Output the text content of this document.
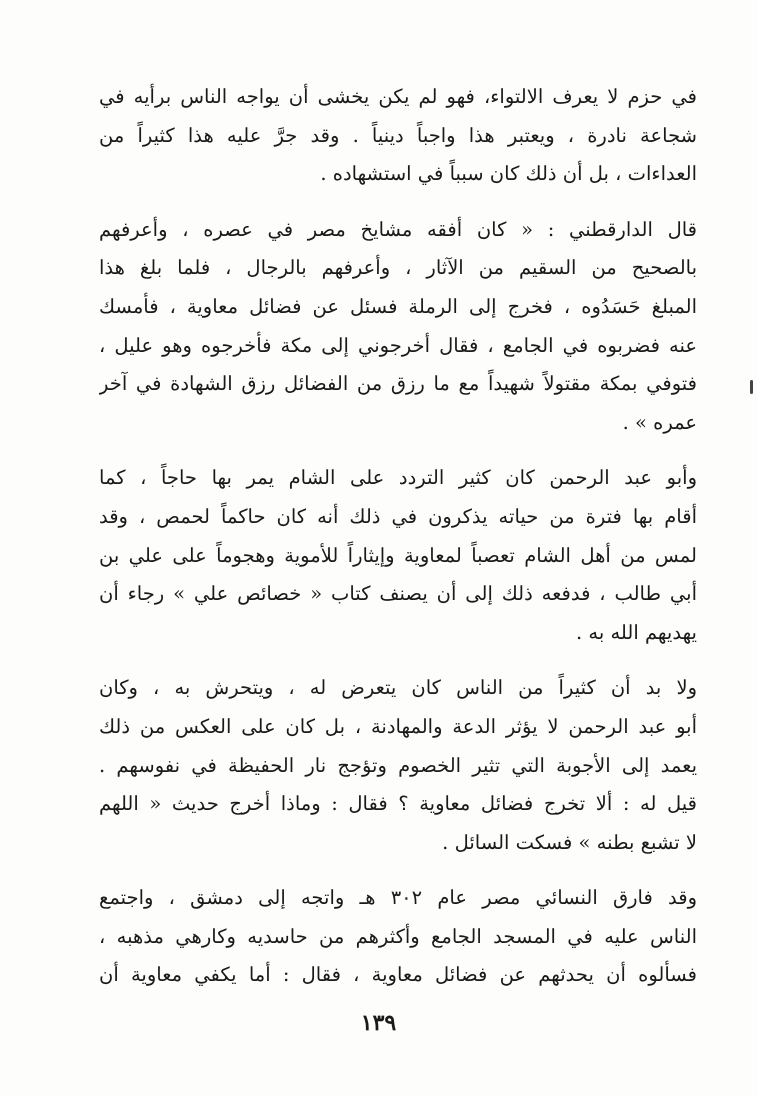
في حزم لا يعرف الالتواء، فهو لم يكن يخشى أن يواجه الناس برأيه في
شجاعة نادرة ، ويعتبر هذا واجباً دينياً . وقد جرَّ عليه هذا كثيراً من
العداءات ، بل أن ذلك كان سبباً في استشهاده .
قال الدارقطني : « كان أفقه مشايخ مصر في عصره ، وأعرفهم
بالصحيح من السقيم من الآثار ، وأعرفهم بالرجال ، فلما بلغ هذا
المبلغ حَسَدُوه ، فخرج إلى الرملة فسئل عن فضائل معاوية ، فأمسك
عنه فضربوه في الجامع ، فقال أخرجوني إلى مكة فأخرجوه وهو عليل ،
فتوفي بمكة مقتولاً شهيداً مع ما رزق من الفضائل رزق الشهادة في آخر
عمره » .
وأبو عبد الرحمن كان كثير التردد على الشام يمر بها حاجاً ، كما
أقام بها فترة من حياته يذكرون في ذلك أنه كان حاكماً لحمص ، وقد
لمس من أهل الشام تعصباً لمعاوية وإيثاراً للأموية وهجوماً على علي بن
أبي طالب ، فدفعه ذلك إلى أن يصنف كتاب « خصائص علي » رجاء أن
يهديهم الله به .
ولا بد أن كثيراً من الناس كان يتعرض له ، ويتحرش به ، وكان
أبو عبد الرحمن لا يؤثر الدعة والمهادنة ، بل كان على العكس من ذلك
يعمد إلى الأجوبة التي تثير الخصوم وتؤجج نار الحفيظة في نفوسهم .
قيل له : ألا تخرج فضائل معاوية ؟ فقال : وماذا أخرج حديث « اللهم
لا تشبع بطنه » فسكت السائل .
وقد فارق النسائي مصر عام ٣٠٢ هـ واتجه إلى دمشق ، واجتمع
الناس عليه في المسجد الجامع وأكثرهم من حاسديه وكارهي مذهبه ،
فسألوه أن يحدثهم عن فضائل معاوية ، فقال : أما يكفي معاوية أن
١٣٩
